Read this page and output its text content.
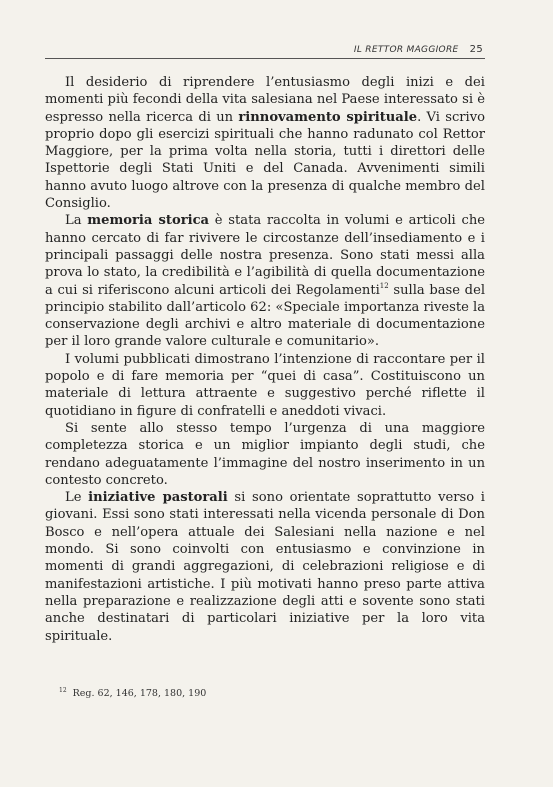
IL RETTOR MAGGIORE 25

Il desiderio di riprendere l’entusiasmo degli inizi e dei momenti più fecondi della vita salesiana nel Paese interessato si è espresso nella ricerca di un rinnovamento spirituale. Vi scrivo proprio dopo gli esercizi spirituali che hanno radunato col Rettor Maggiore, per la prima volta nella storia, tutti i direttori delle Ispettorie degli Stati Uniti e del Canada. Avvenimenti simili hanno avuto luogo altrove con la presenza di qualche membro del Consiglio.

La memoria storica è stata raccolta in volumi e articoli che hanno cercato di far rivivere le circostanze dell’insediamento e i principali passaggi delle nostra presenza. Sono stati messi alla prova lo stato, la credibilità e l’agibilità di quella documentazione a cui si riferiscono alcuni articoli dei Regolamenti$^{12}$ sulla base del principio stabilito dall’articolo 62: «Speciale importanza riveste la conservazione degli archivi e altro materiale di documentazione per il loro grande valore culturale e comunitario».

I volumi pubblicati dimostrano l’intenzione di raccontare per il popolo e di fare memoria per “quei di casa”. Costituiscono un materiale di lettura attraente e suggestivo perché riflette il quotidiano in figure di confratelli e aneddoti vivaci.

Si sente allo stesso tempo l’urgenza di una maggiore completezza storica e un miglior impianto degli studi, che rendano adeguatamente l’immagine del nostro inserimento in un contesto concreto.

Le iniziative pastorali si sono orientate soprattutto verso i giovani. Essi sono stati interessati nella vicenda personale di Don Bosco e nell’opera attuale dei Salesiani nella nazione e nel mondo. Si sono coinvolti con entusiasmo e convinzione in momenti di grandi aggregazioni, di celebrazioni religiose e di manifestazioni artistiche. I più motivati hanno preso parte attiva nella preparazione e realizzazione degli atti e sovente sono stati anche destinatari di particolari iniziative per la loro vita spirituale.

$^{12}$ Reg. 62, 146, 178, 180, 190
